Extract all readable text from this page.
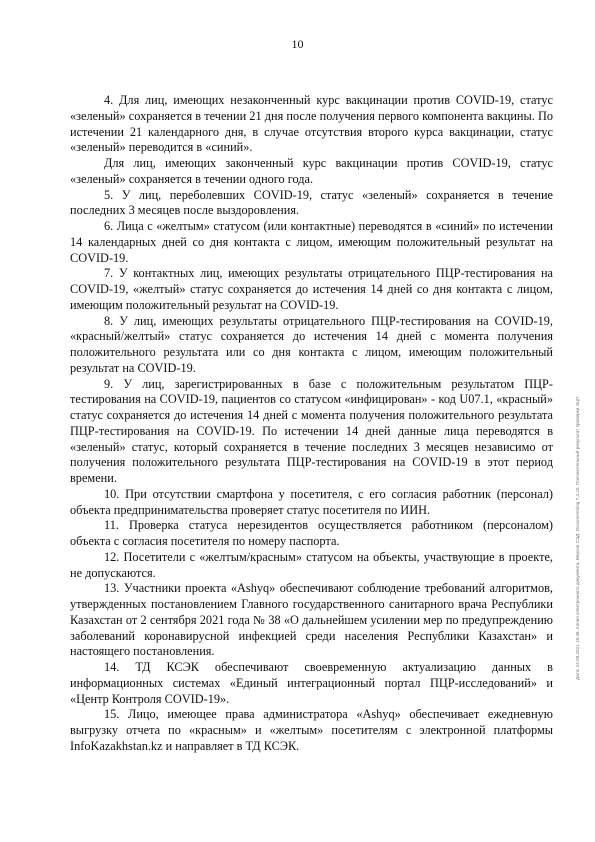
10

4. Для лиц, имеющих незаконченный курс вакцинации против COVID-19, статус «зеленый» сохраняется в течении 21 дня после получения первого компонента вакцины. По истечении 21 календарного дня, в случае отсутствия второго курса вакцинации, статус «зеленый» переводится в «синий».

Для лиц, имеющих законченный курс вакцинации против COVID-19, статус «зеленый» сохраняется в течении одного года.

5. У лиц, переболевших COVID-19, статус «зеленый» сохраняется в течение последних 3 месяцев после выздоровления.

6. Лица с «желтым» статусом (или контактные) переводятся в «синий» по истечении 14 календарных дней со дня контакта с лицом, имеющим положительный результат на COVID-19.

7. У контактных лиц, имеющих результаты отрицательного ПЦР-тестирования на COVID-19, «желтый» статус сохраняется до истечения 14 дней со дня контакта с лицом, имеющим положительный результат на COVID-19.

8. У лиц, имеющих результаты отрицательного ПЦР-тестирования на COVID-19, «красный/желтый» статус сохраняется до истечения 14 дней с момента получения положительного результата или со дня контакта с лицом, имеющим положительный результат на COVID-19.

9. У лиц, зарегистрированных в базе с положительным результатом ПЦР-тестирования на COVID-19, пациентов со статусом «инфицирован» - код U07.1, «красный» статус сохраняется до истечения 14 дней с момента получения положительного результата ПЦР-тестирования на COVID-19. По истечении 14 дней данные лица переводятся в «зеленый» статус, который сохраняется в течение последних 3 месяцев независимо от получения положительного результата ПЦР-тестирования на COVID-19 в этот период времени.

10. При отсутствии смартфона у посетителя, с его согласия работник (персонал) объекта предпринимательства проверяет статус посетителя по ИИН.

11. Проверка статуса нерезидентов осуществляется работником (персоналом) объекта с согласия посетителя по номеру паспорта.

12. Посетители с «желтым/красным» статусом на объекты, участвующие в проекте, не допускаются.

13. Участники проекта «Ashyq» обеспечивают соблюдение требований алгоритмов, утвержденных постановлением Главного государственного санитарного врача Республики Казахстан от 2 сентября 2021 года № 38 «О дальнейшем усилении мер по предупреждению заболеваний коронавирусной инфекцией среди населения Республики Казахстан» и настоящего постановления.

14. ТД КСЭК обеспечивают своевременную актуализацию данных в информационных системах «Единый интеграционный портал ПЦР-исследований» и «Центр Контроля COVID-19».

15. Лицо, имеющее права администратора «Ashyq» обеспечивает ежедневную выгрузку отчета по «красным» и «желтым» посетителям с электронной платформы InfoKazakhstan.kz и направляет в ТД КСЭК.

Дата: 24.09.2021 18:46. Копия электронного документа. Версия СЭД: Documentolog 7.4.20. Положительный результат проверки ЭЦП
